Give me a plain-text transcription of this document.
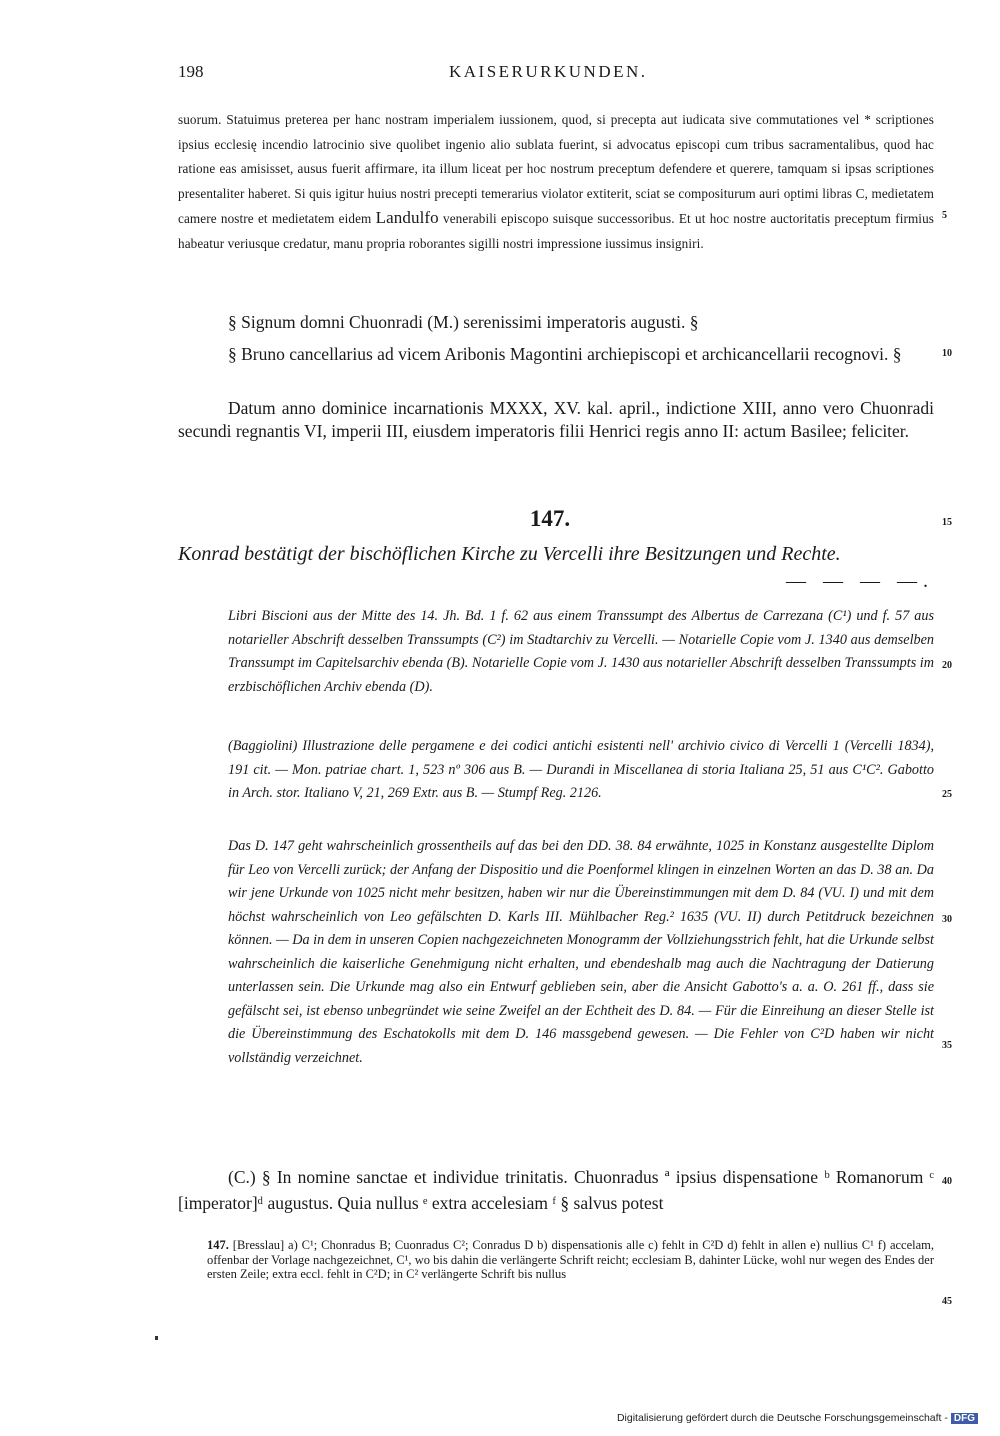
198	KAISERURKUNDEN.
suorum. Statuimus preterea per hanc nostram imperialem iussionem, quod, si precepta aut iudicata sive commutationes vel * scriptiones ipsius ecclesię incendio latrocinio sive quolibet ingenio alio sublata fuerint, si advocatus episcopi cum tribus sacramentalibus, quod hac ratione eas amisisset, ausus fuerit affirmare, ita illum liceat per hoc nostrum preceptum defendere et querere, tamquam si ipsas scriptiones presentaliter haberet. Si quis igitur huius nostri precepti temerarius violator extiterit, sciat se compositurum auri optimi libras C, medietatem camere nostre et medietatem eidem Landulfo venerabili episcopo suisque successoribus. Et ut hoc nostre auctoritatis preceptum firmius habeatur veriusque credatur, manu propria roborantes sigilli nostri impressione iussimus insigniri.
§ Signum domni Chuonradi (M.) serenissimi imperatoris augusti. §
§ Bruno cancellarius ad vicem Aribonis Magontini archiepiscopi et archicancellarii recognovi. §
Datum anno dominice incarnationis MXXX, XV. kal. april., indictione XIII, anno vero Chuonradi secundi regnantis VI, imperii III, eiusdem imperatoris filii Henrici regis anno II: actum Basilee; feliciter.
147.
Konrad bestätigt der bischöflichen Kirche zu Vercelli ihre Besitzungen und Rechte.
— — — —.
Libri Biscioni aus der Mitte des 14. Jh. Bd. 1 f. 62 aus einem Transsumpt des Albertus de Carrezana (C¹) und f. 57 aus notarieller Abschrift desselben Transsumpts (C²) im Stadtarchiv zu Vercelli. — Notarielle Copie vom J. 1340 aus demselben Transsumpt im Capitelsarchiv ebenda (B). Notarielle Copie vom J. 1430 aus notarieller Abschrift desselben Transsumpts im erzbischöflichen Archiv ebenda (D).
(Baggiolini) Illustrazione delle pergamene e dei codici antichi esistenti nell' archivio civico di Vercelli 1 (Vercelli 1834), 191 cit. — Mon. patriae chart. 1, 523 nº 306 aus B. — Durandi in Miscellanea di storia Italiana 25, 51 aus C¹C². Gabotto in Arch. stor. Italiano V, 21, 269 Extr. aus B. — Stumpf Reg. 2126.
Das D. 147 geht wahrscheinlich grossentheils auf das bei den DD. 38. 84 erwähnte, 1025 in Konstanz ausgestellte Diplom für Leo von Vercelli zurück; der Anfang der Dispositio und die Poenformel klingen in einzelnen Worten an das D. 38 an. Da wir jene Urkunde von 1025 nicht mehr besitzen, haben wir nur die Übereinstimmungen mit dem D. 84 (VU. I) und mit dem höchst wahrscheinlich von Leo gefälschten D. Karls III. Mühlbacher Reg.² 1635 (VU. II) durch Petitdruck bezeichnen können. — Da in dem in unseren Copien nachgezeichneten Monogramm der Vollziehungsstrich fehlt, hat die Urkunde selbst wahrscheinlich die kaiserliche Genehmigung nicht erhalten, und ebendeshalb mag auch die Nachtragung der Datierung unterlassen sein. Die Urkunde mag also ein Entwurf geblieben sein, aber die Ansicht Gabotto's a. a. O. 261 ff., dass sie gefälscht sei, ist ebenso unbegründet wie seine Zweifel an der Echtheit des D. 84. — Für die Einreihung an dieser Stelle ist die Übereinstimmung des Eschatokolls mit dem D. 146 massgebend gewesen. — Die Fehler von C²D haben wir nicht vollständig verzeichnet.
(C.) § In nomine sanctae et individue trinitatis. Chuonradus ª ipsius dispensatione ᵇ Romanorum ᶜ [imperator]ᵈ augustus. Quia nullus ᵉ extra accelesiam ᶠ § salvus potest
147. [Bresslau] a) C¹; Chonradus B; Cuonradus C²; Conradus D b) dispensationis alle c) fehlt in C²D d) fehlt in allen e) nullius C¹ f) accelam, offenbar der Vorlage nachgezeichnet, C¹, wo bis dahin die verlängerte Schrift reicht; ecclesiam B, dahinter Lücke, wohl nur wegen des Endes der ersten Zeile; extra eccl. fehlt in C²D; in C² verlängerte Schrift bis nullus
5
10
15
20
25
30
35
40
45
Digitalisierung gefördert durch die Deutsche Forschungsgemeinschaft - DFG
